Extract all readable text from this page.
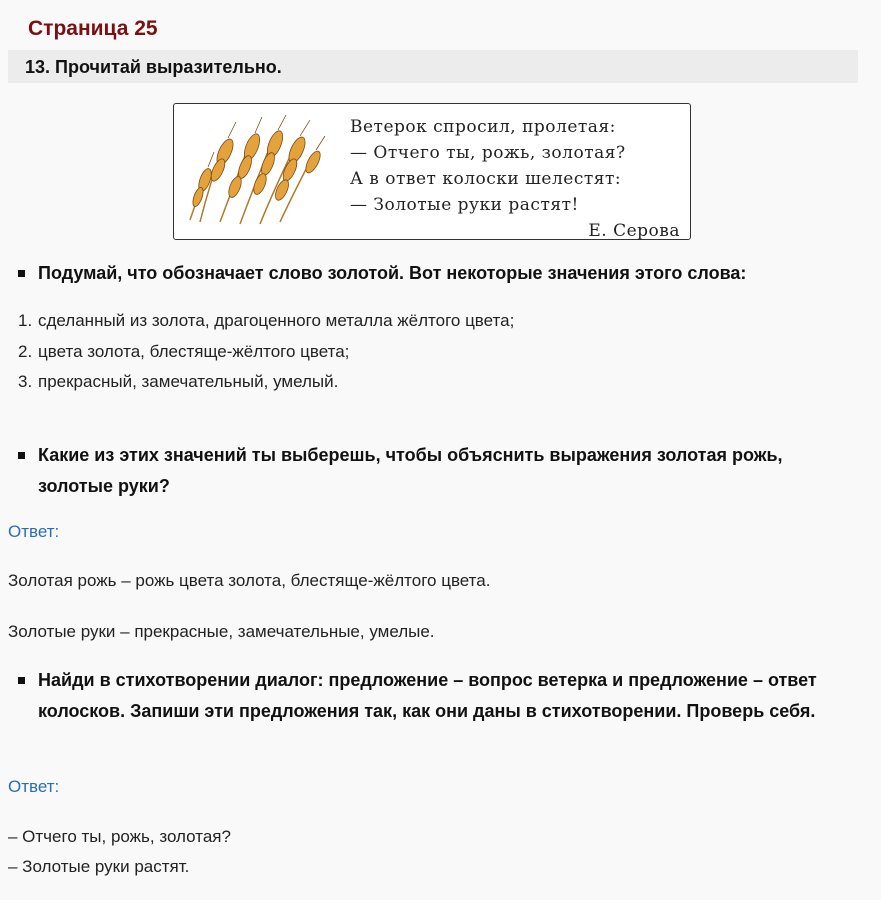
Страница 25
13. Прочитай выразительно.
Ветерок спросил, пролетая:
— Отчего ты, рожь, золотая?
А в ответ колоски шелестят:
— Золотые руки растят!
Е. Серова
Подумай, что обозначает слово золотой. Вот некоторые значения этого слова:
1. сделанный из золота, драгоценного металла жёлтого цвета;
2. цвета золота, блестяще-жёлтого цвета;
3. прекрасный, замечательный, умелый.
Какие из этих значений ты выберешь, чтобы объяснить выражения золотая рожь, золотые руки?
Ответ:
Золотая рожь – рожь цвета золота, блестяще-жёлтого цвета.
Золотые руки – прекрасные, замечательные, умелые.
Найди в стихотворении диалог: предложение – вопрос ветерка и предложение – ответ колосков. Запиши эти предложения так, как они даны в стихотворении. Проверь себя.
Ответ:
– Отчего ты, рожь, золотая?
– Золотые руки растят.
